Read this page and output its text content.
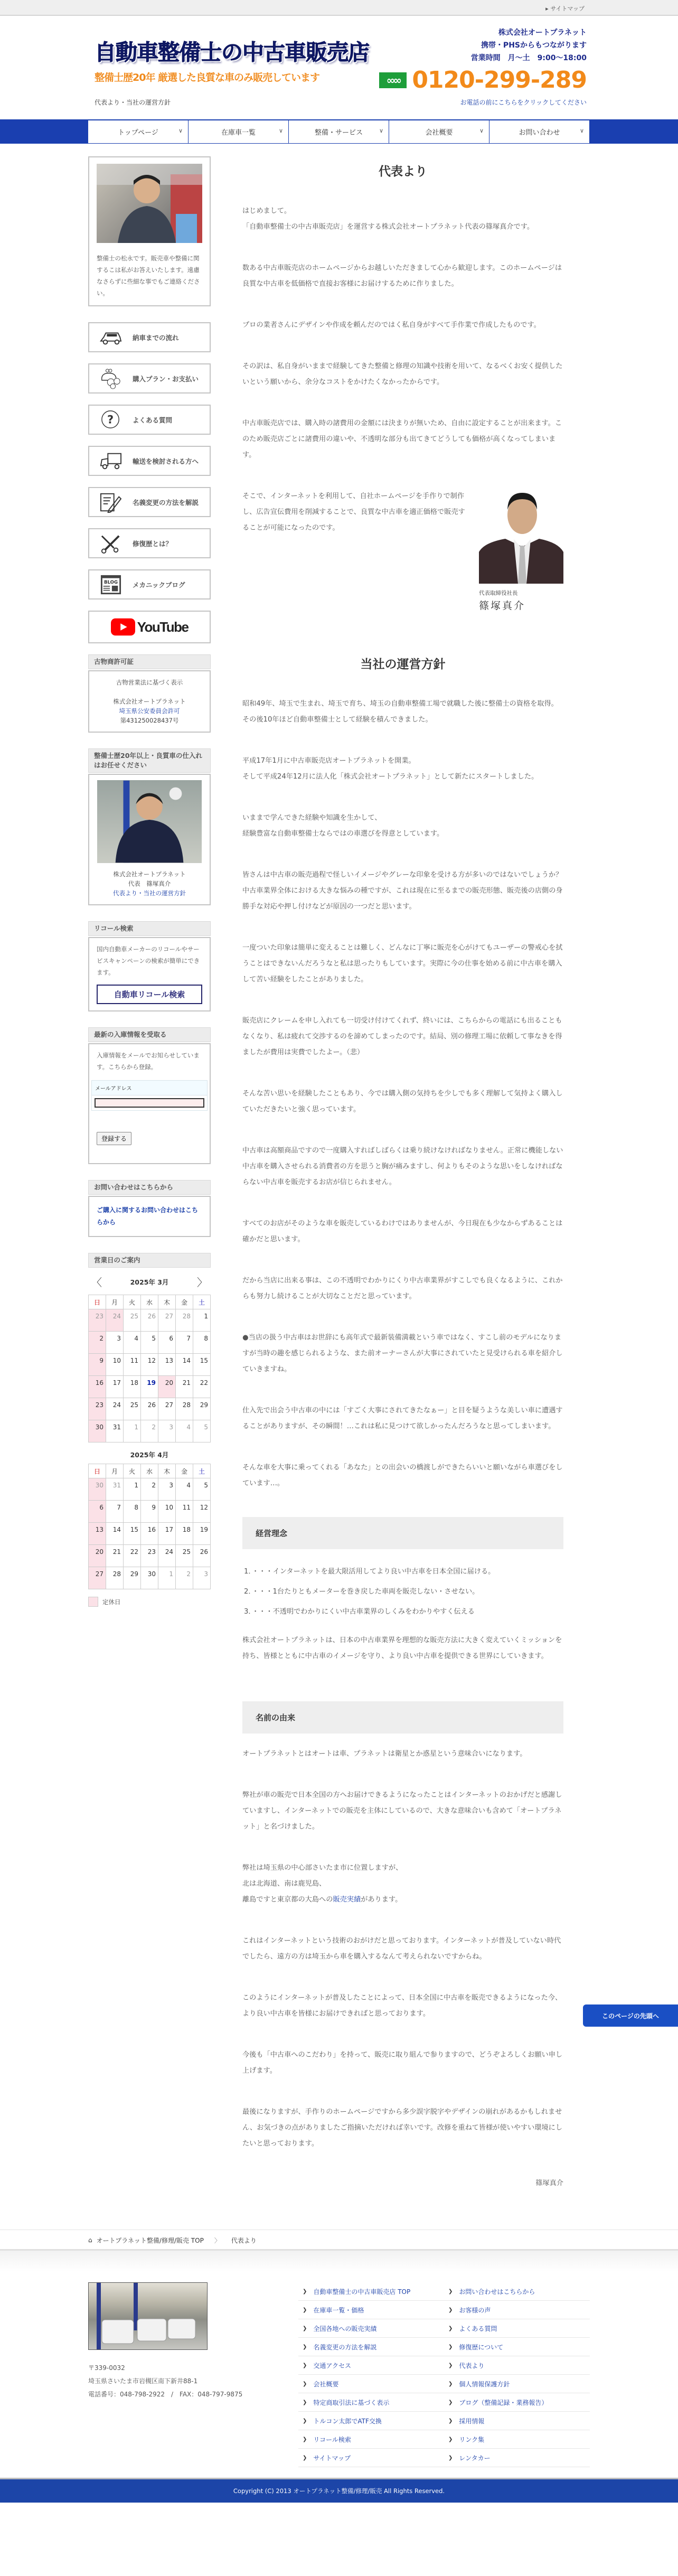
▸ サイトマップ
自動車整備士の中古車販売店
整備士歴20年 厳選した良質な車のみ販売しています
代表より・当社の運営方針
株式会社オートプラネット
携帯・PHSからもつながります
営業時間　月～土　9:00～18:00
∞∞ 0120-299-289
お電話の前にこちらをクリックしてください
トップページ	∨	在庫車一覧	∨	整備・サービス	∨	会社概要	∨	お問い合わせ	∨

整備士の松永です。販売車や整備に関するこは私がお答えいたします。遠慮なさらずに些細な事でもご連絡ください。

納車までの流れ
購入プラン・お支払い
?	よくある質問
輸送を検討される方へ
名義変更の方法を解説
修復歴とは？
BLOG メカニックブログ
YouTube
古物商許可証
古物営業法に基づく表示

株式会社オートプラネット
埼玉県公安委員会許可
第431250028437号
整備士歴20年以上・良質車の仕入れはお任せください
株式会社オートプラネット
代表　篠塚真介
代表より・当社の運営方針
リコール検索

国内自動車メーカーのリコールやサービスキャンペーンの検索が簡単にできます。

自動車リコール検索
最新の入庫情報を受取る

入庫情報をメールでお知らせしています。こちらから登録。

メールアドレス
登録する
お問い合わせはこちらから
ご購入に関するお問い合わせはこちらから
営業日のご案内
〈	2025年 3月	〉
日	月	火	水	木	金	土
23	24	25	26	27	28	1
2	3	4	5	6	7	8
9	10	11	12	13	14	15
16	17	18	19	20	21	22
23	24	25	26	27	28	29
30	31	1	2	3	4	5
2025年 4月
日	月	火	水	木	金	土
30	31	1	2	3	4	5
6	7	8	9	10	11	12
13	14	15	16	17	18	19
20	21	22	23	24	25	26
27	28	29	30	1	2	3
定休日
代表より

はじめまして。
「自動車整備士の中古車販売店」を運営する株式会社オートプラネット代表の篠塚真介です。

数ある中古車販売店のホームページからお越しいただきまして心から歓迎します。このホームページは良質な中古車を低価格で直接お客様にお届けするために作りました。

プロの業者さんにデザインや作成を頼んだのではく私自身がすべて手作業で作成したものです。

その訳は、私自身がいままで経験してきた整備と修理の知識や技術を用いて、なるべくお安く提供したいという願いから、余分なコストをかけたくなかったからです。

中古車販売店では、購入時の諸費用の金額には決まりが無いため、自由に設定することが出来ます。このため販売店ごとに諸費用の違いや、不透明な部分も出てきてどうしても価格が高くなってしまいます。

代表取締役社長
篠塚真介

そこで、インターネットを利用して、自社ホームページを手作りで制作し、広告宣伝費用を削減することで、良質な中古車を適正価格で販売することが可能になったのです。

当社の運営方針

昭和49年、埼玉で生まれ、埼玉で育ち、埼玉の自動車整備工場で就職した後に整備士の資格を取得。その後10年ほど自動車整備士として経験を積んできました。

平成17年1月に中古車販売店オートプラネットを開業。
そして平成24年12月に法人化「株式会社オートプラネット」として新たにスタートしました。

いままで学んできた経験や知識を生かして、
経験豊富な自動車整備士ならではの車選びを得意としています。

皆さんは中古車の販売過程で怪しいイメージやグレーな印象を受ける方が多いのではないでしょうか？中古車業界全体における大きな悩みの種ですが、これは現在に至るまでの販売形態、販売後の店側の身勝手な対応や押し付けなどが原因の一つだと思います。

一度ついた印象は簡単に変えることは難しく、どんなに丁寧に販売を心がけてもユーザーの警戒心を拭うことはできないんだろうなと私は思ったりもしています。実際に今の仕事を始める前に中古車を購入して苦い経験をしたことがありました。

販売店にクレームを申し入れても一切受け付けてくれず、終いには、こちらからの電話にも出ることもなくなり、私は疲れて交渉するのを諦めてしまったのです。結局、別の修理工場に依頼して事なきを得ましたが費用は実費でしたよー。（悲）

そんな苦い思いを経験したこともあり、今では購入側の気持ちを少しでも多く理解して気持よく購入していただきたいと強く思っています。

中古車は高額商品ですので一度購入すればしばらくは乗り続けなければなりません。正常に機能しない中古車を購入させられる消費者の方を思うと胸が痛みますし、何よりもそのような思いをしなければならない中古車を販売するお店が信じられません。

すべてのお店がそのような車を販売しているわけではありませんが、今日現在も少なからずあることは確かだと思います。

だから当店に出来る事は、この不透明でわかりにくり中古車業界がすこしでも良くなるように、これからも努力し続けることが大切なことだと思っています。

●当店の扱う中古車はお世辞にも高年式で最新装備満載という車ではなく、すこし前のモデルになりますが当時の趣を感じられるような、また前オーナーさんが大事にされていたと見受けられる車を紹介していきますね。

仕入先で出会う中古車の中には「すごく大事にされてきたなぁー」と目を疑うような美しい車に遭遇することがありますが、その瞬間！…これは私に見つけて欲しかったんだろうなと思ってしまいます。

そんな車を大事に乗ってくれる「あなた」との出会いの橋渡しができたらいいと願いながら車選びをしています…。

経営理念
1．・・・インターネットを最大限活用してより良い中古車を日本全国に届ける。
2．・・・1台たりともメーターを巻き戻した車両を販売しない・させない。
3．・・・不透明でわかりにくい中古車業界のしくみをわかりやすく伝える

株式会社オートプラネットは、日本の中古車業界を理想的な販売方法に大きく変えていくミッションを持ち、皆様とともに中古車のイメージを守り、より良い中古車を提供できる世界にしていきます。

名前の由来

オートプラネットとはオートは車、プラネットは衛星とか惑星という意味合いになります。

弊社が車の販売で日本全国の方へお届けできるようになったことはインターネットのおかげだと感謝していますし、インターネットでの販売を主体にしているので、大きな意味合いも含めて「オートプラネット」と名づけました。

弊社は埼玉県の中心部さいたま市に位置しますが、
北は北海道、南は鹿児島、
離島ですと東京都の大島への販売実績があります。

これはインターネットという技術のおがけだと思っております。インターネットが普及していない時代でしたら、遠方の方は埼玉から車を購入するなんて考えられないですからね。

このようにインターネットが普及したことによって、日本全国に中古車を販売できるようになった今、より良い中古車を皆様にお届けできればと思っております。

今後も「中古車へのこだわり」を持って、販売に取り組んで参りますので、どうぞよろしくお願い申し上げます。

最後になりますが、手作りのホームページですから多少誤字脱字やデザインの崩れがあるかもしれません、お気づきの点がありましたご指摘いただければ幸いです。改修を重ねて皆様が使いやすい環境にしたいと思っております。

篠塚真介
このページの先頭へ
⌂ オートプラネット整備/修理/販売 TOP 〉 代表より
〒339-0032
埼玉県さいたま市岩槻区南下新井88-1
電話番号：048-798-2922　/　FAX：048-797-9875
❯ 自動車整備士の中古車販売店 TOP	❯ お問い合わせはこちらから
❯ 在庫車一覧・価格	❯ お客様の声
❯ 全国各地への販売実績	❯ よくある質問
❯ 名義変更の方法を解説	❯ 修復歴について
❯ 交通アクセス	❯ 代表より
❯ 会社概要	❯ 個人情報保護方針
❯ 特定商取引法に基づく表示	❯ ブログ（整備記録・業務報告）
❯ トルコン太郎でATF交換	❯ 採用情報
❯ リコール検索	❯ リンク集
❯ サイトマップ	❯ レンタカー
Copyright (C) 2013 オートプラネット整備/修理/販売 All Rights Reserved.
